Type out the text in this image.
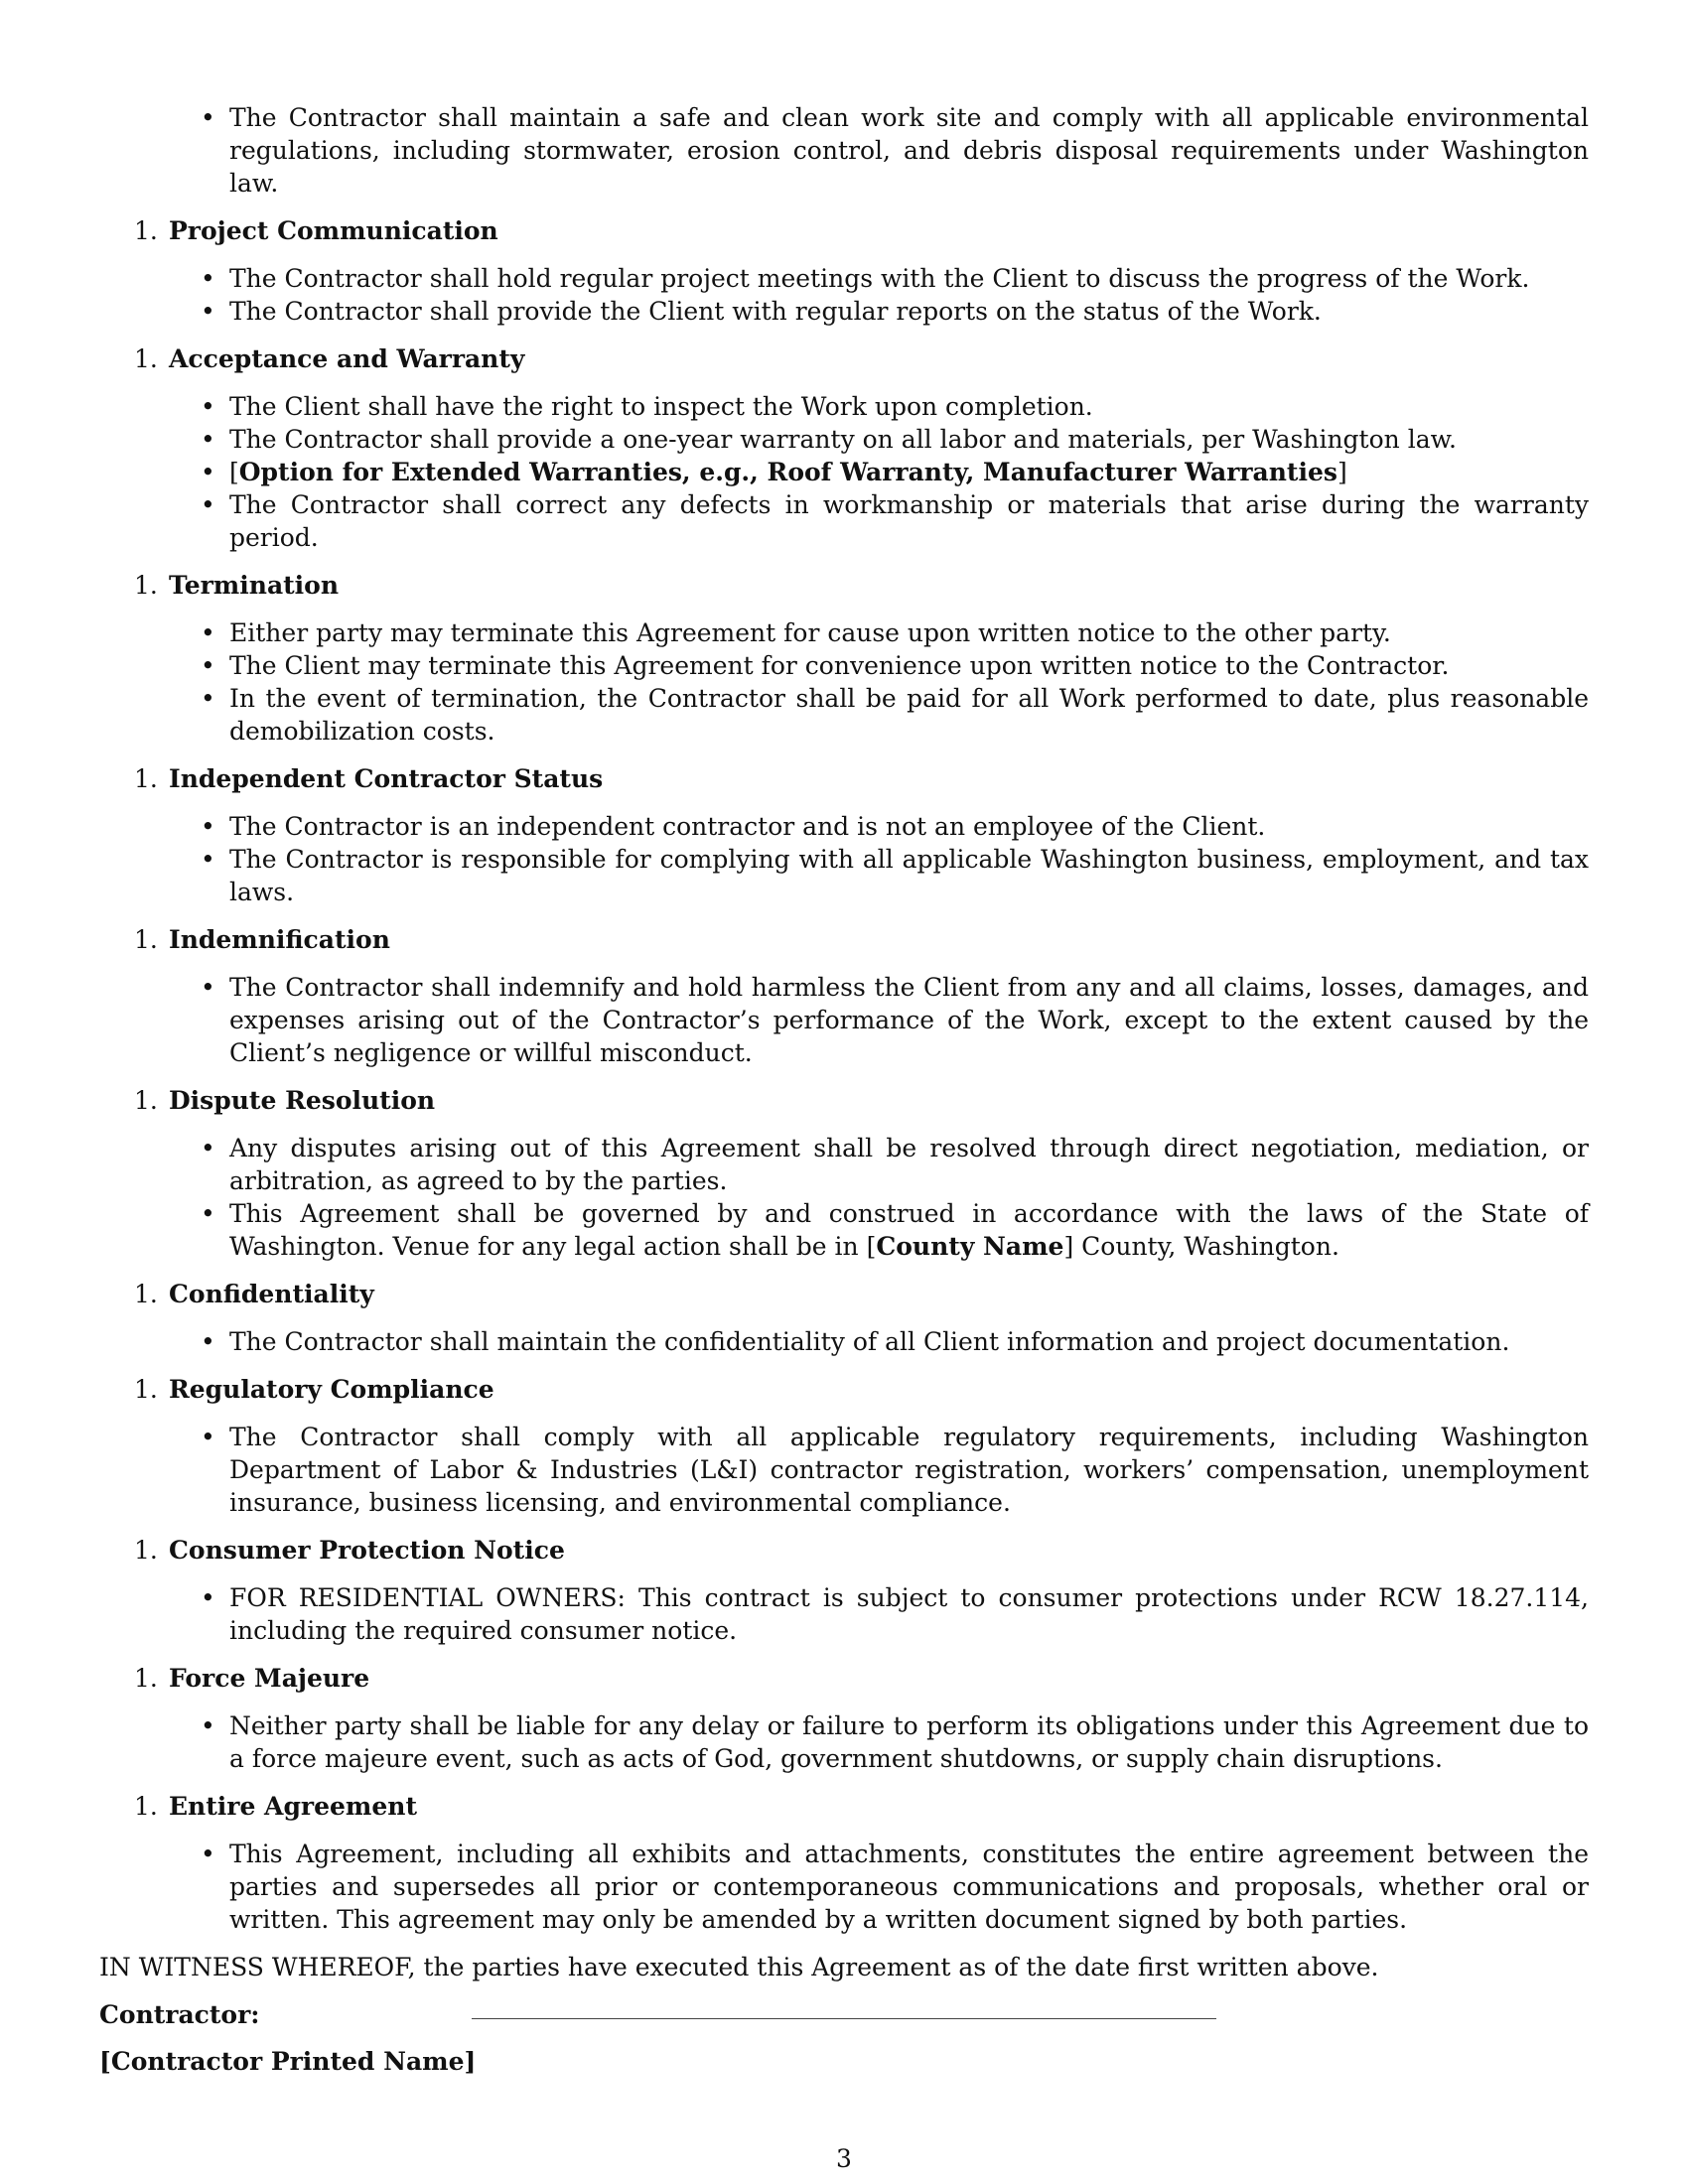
• The Contractor shall maintain a safe and clean work site and comply with all applicable environmental regulations, including stormwater, erosion control, and debris disposal requirements under Washington law.
1. Project Communication
• The Contractor shall hold regular project meetings with the Client to discuss the progress of the Work.
• The Contractor shall provide the Client with regular reports on the status of the Work.
1. Acceptance and Warranty
• The Client shall have the right to inspect the Work upon completion.
• The Contractor shall provide a one-year warranty on all labor and materials, per Washington law.
• [Option for Extended Warranties, e.g., Roof Warranty, Manufacturer Warranties]
• The Contractor shall correct any defects in workmanship or materials that arise during the warranty period.
1. Termination
• Either party may terminate this Agreement for cause upon written notice to the other party.
• The Client may terminate this Agreement for convenience upon written notice to the Contractor.
• In the event of termination, the Contractor shall be paid for all Work performed to date, plus reasonable demobilization costs.
1. Independent Contractor Status
• The Contractor is an independent contractor and is not an employee of the Client.
• The Contractor is responsible for complying with all applicable Washington business, employment, and tax laws.
1. Indemnification
• The Contractor shall indemnify and hold harmless the Client from any and all claims, losses, damages, and expenses arising out of the Contractor’s performance of the Work, except to the extent caused by the Client’s negligence or willful misconduct.
1. Dispute Resolution
• Any disputes arising out of this Agreement shall be resolved through direct negotiation, mediation, or arbitration, as agreed to by the parties.
• This Agreement shall be governed by and construed in accordance with the laws of the State of Washington. Venue for any legal action shall be in [County Name] County, Washington.
1. Confidentiality
• The Contractor shall maintain the confidentiality of all Client information and project documentation.
1. Regulatory Compliance
• The Contractor shall comply with all applicable regulatory requirements, including Washington Department of Labor & Industries (L&I) contractor registration, workers’ compensation, unemployment insurance, business licensing, and environmental compliance.
1. Consumer Protection Notice
• FOR RESIDENTIAL OWNERS: This contract is subject to consumer protections under RCW 18.27.114, including the required consumer notice.
1. Force Majeure
• Neither party shall be liable for any delay or failure to perform its obligations under this Agreement due to a force majeure event, such as acts of God, government shutdowns, or supply chain disruptions.
1. Entire Agreement
• This Agreement, including all exhibits and attachments, constitutes the entire agreement between the parties and supersedes all prior or contemporaneous communications and proposals, whether oral or written. This agreement may only be amended by a written document signed by both parties.
IN WITNESS WHEREOF, the parties have executed this Agreement as of the date first written above.
Contractor:
[Contractor Printed Name]
3
